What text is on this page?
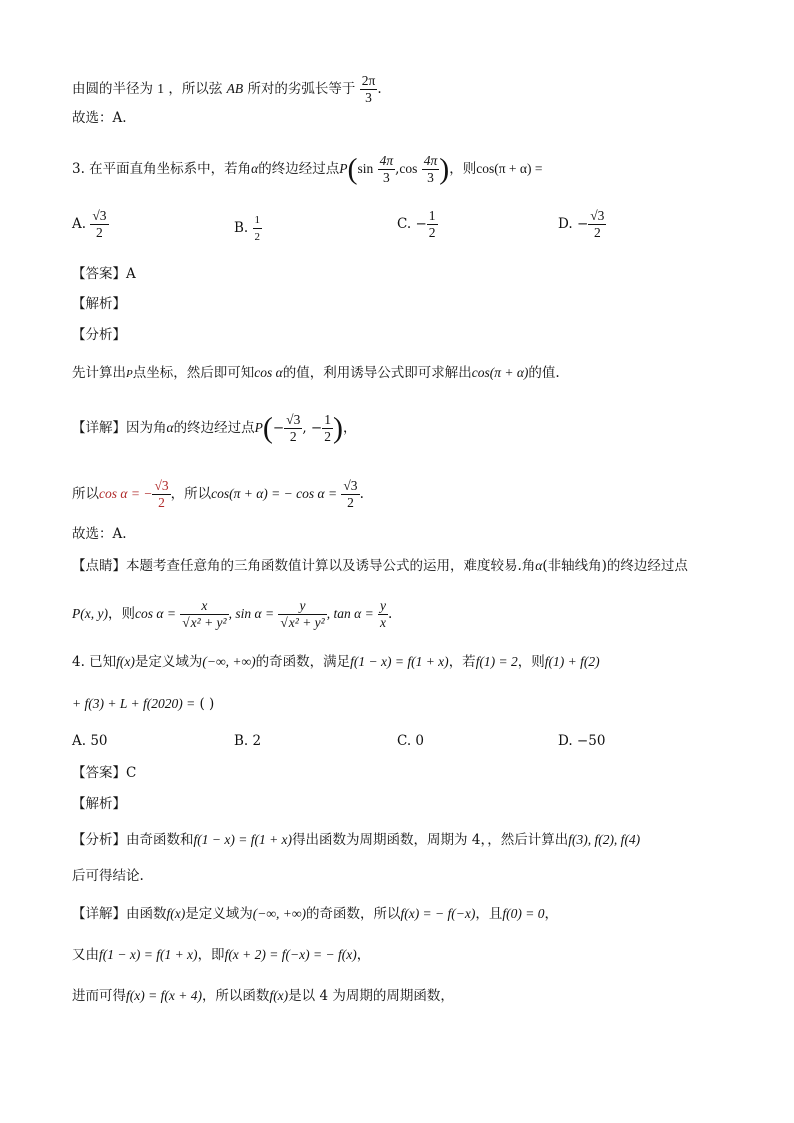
由圆的半径为 1 ，所以弦 AB 所对的劣弧长等于 $\frac{2\pi}{3}$ .
故选：A.
3. 在平面直角坐标系中，若角α的终边经过点$P(\sin \frac{4\pi}{3} ,\cos \frac{4\pi}{3}$ )，则cos(π + α) =
A. $\frac{√3}{2}$	B. $\frac{1}{2}$	C. − $\frac{1}{2}$	D. − $\frac{√3}{2}$
【答案】A
【解析】
【分析】
先计算出P点坐标，然后即可知cos α的值，利用诱导公式即可求解出cos(π + α)的值.
【详解】因为角α的终边经过点$P(- \frac{√3}{2}$ , − $\frac{1}{2}$ )，
所以cos α = − $\frac{√3}{2}$ ，所以cos(π + α) = − $\cos \alpha = \frac{√3}{2}$ .
故选：A.
【点睛】本题考查任意角的三角函数值计算以及诱导公式的运用，难度较易.角α(非轴线角)的终边经过点
P(x, y)，则$\cos \alpha = \frac{x}{\text{√x² + y²}}$ , $\sin \alpha = \frac{y}{\text{√x² + y²}}$ , $\tan \alpha = \frac{y}{x}$ .
4. 已知f(x)是定义域为(−∞, +∞)的奇函数，满足f(1 − x) = f(1 + x)，若f(1) = 2，则f(1) + f(2)
+ f(3) + L + f(2020) = ( )
A. 50	B. 2	C. 0	D. −50
【答案】C
【解析】
【分析】由奇函数和f(1 − x) = f(1 + x)得出函数为周期函数，周期为 4，，然后计算出f(3), f(2), f(4)
后可得结论.
【详解】由函数f(x)是定义域为(−∞, +∞)的奇函数，所以f(x) = − f(−x)，且f(0) = 0，
又由f(1 − x) = f(1 + x)，即f(x + 2) = f(−x) = − f(x)，
进而可得f(x) = f(x + 4)，所以函数f(x)是以 4 为周期的周期函数，
